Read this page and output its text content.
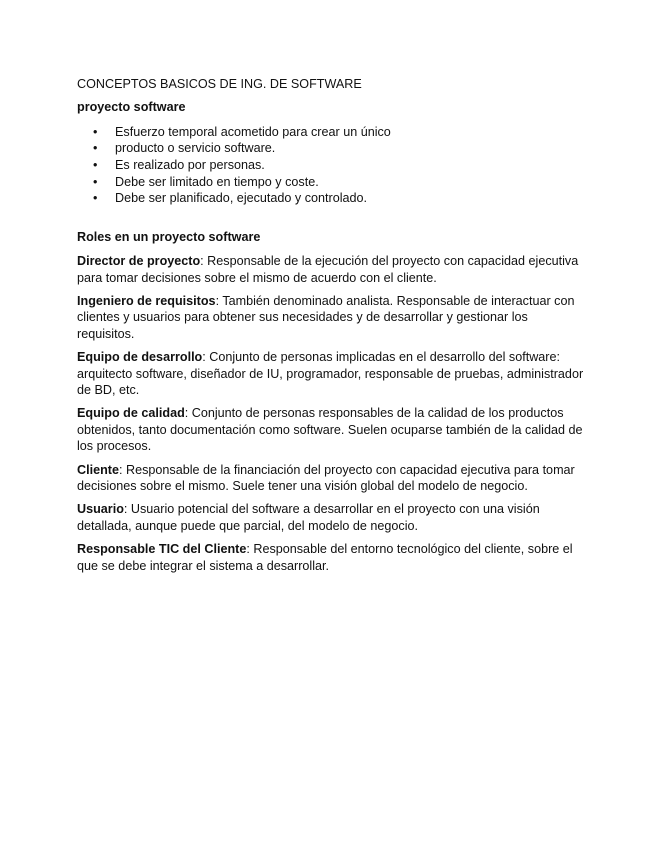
CONCEPTOS BASICOS DE ING. DE SOFTWARE
proyecto software
• Esfuerzo temporal acometido para crear un único
• producto o servicio software.
• Es realizado por personas.
• Debe ser limitado en tiempo y coste.
• Debe ser planificado, ejecutado y controlado.
Roles en un proyecto software

Director de proyecto: Responsable de la ejecución del proyecto con capacidad ejecutiva para tomar decisiones sobre el mismo de acuerdo con el cliente.

Ingeniero de requisitos: También denominado analista. Responsable de interactuar con clientes y usuarios para obtener sus necesidades y de desarrollar y gestionar los requisitos.

Equipo de desarrollo: Conjunto de personas implicadas en el desarrollo del software: arquitecto software, diseñador de IU, programador, responsable de pruebas, administrador de BD, etc.

Equipo de calidad: Conjunto de personas responsables de la calidad de los productos obtenidos, tanto documentación como software. Suelen ocuparse también de la calidad de los procesos.

Cliente: Responsable de la financiación del proyecto con capacidad ejecutiva para tomar decisiones sobre el mismo. Suele tener una visión global del modelo de negocio.

Usuario: Usuario potencial del software a desarrollar en el proyecto con una visión detallada, aunque puede que parcial, del modelo de negocio.

Responsable TIC del Cliente: Responsable del entorno tecnológico del cliente, sobre el que se debe integrar el sistema a desarrollar.
